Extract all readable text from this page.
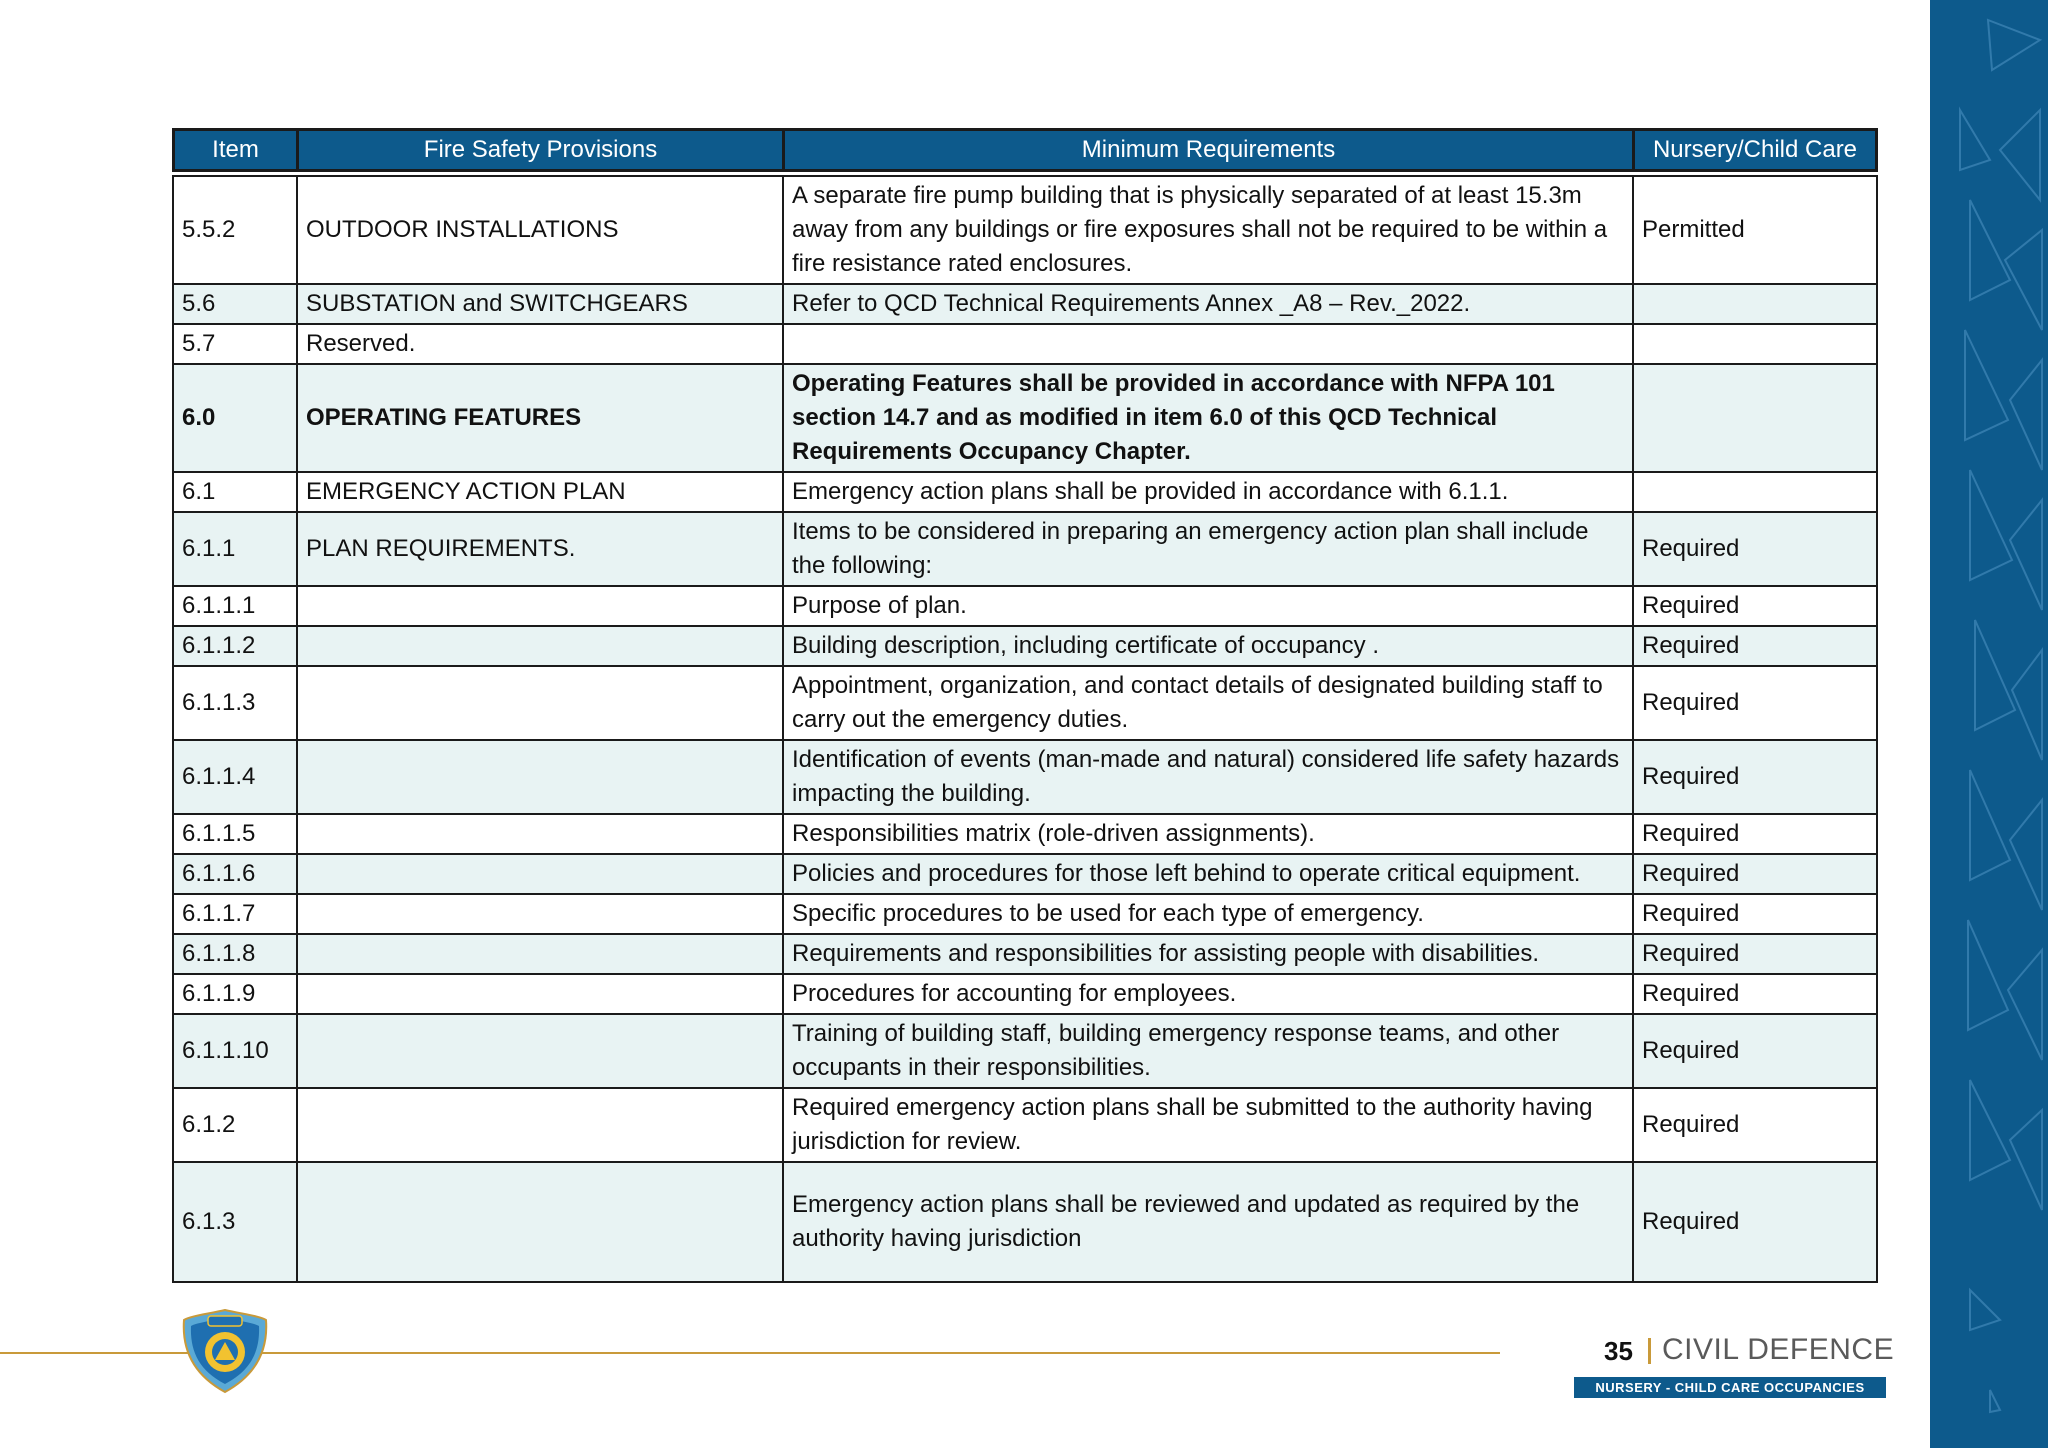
Item	Fire Safety Provisions	Minimum Requirements	Nursery/Child Care

5.5.2	OUTDOOR INSTALLATIONS	A separate fire pump building that is physically separated of at least 15.3m away from any buildings or fire exposures shall not be required to be within a fire resistance rated enclosures.	Permitted
5.6	SUBSTATION and SWITCHGEARS	Refer to QCD Technical Requirements Annex _A8 – Rev._2022.	
5.7	Reserved.		
6.0	OPERATING FEATURES	Operating Features shall be provided in accordance with NFPA 101 section 14.7 and as modified in item 6.0 of this QCD Technical Requirements Occupancy Chapter.	
6.1	EMERGENCY ACTION PLAN	Emergency action plans shall be provided in accordance with 6.1.1.	
6.1.1	PLAN REQUIREMENTS.	Items to be considered in preparing an emergency action plan shall include the following:	Required
6.1.1.1		Purpose of plan.	Required
6.1.1.2		Building description, including certificate of occupancy .	Required
6.1.1.3		Appointment, organization, and contact details of designated building staff to carry out the emergency duties.	Required
6.1.1.4		Identification of events (man-made and natural) considered life safety hazards impacting the building.	Required
6.1.1.5		Responsibilities matrix (role-driven assignments).	Required
6.1.1.6		Policies and procedures for those left behind to operate critical equipment.	Required
6.1.1.7		Specific procedures to be used for each type of emergency.	Required
6.1.1.8		Requirements and responsibilities for assisting people with disabilities.	Required
6.1.1.9		Procedures for accounting for employees.	Required
6.1.1.10		Training of building staff, building emergency response teams, and other occupants in their responsibilities.	Required
6.1.2		Required emergency action plans shall be submitted to the authority having jurisdiction for review.	Required
6.1.3		Emergency action plans shall be reviewed and updated as required by the authority having jurisdiction	Required
35 CIVIL DEFENCE
NURSERY - CHILD CARE OCCUPANCIES
